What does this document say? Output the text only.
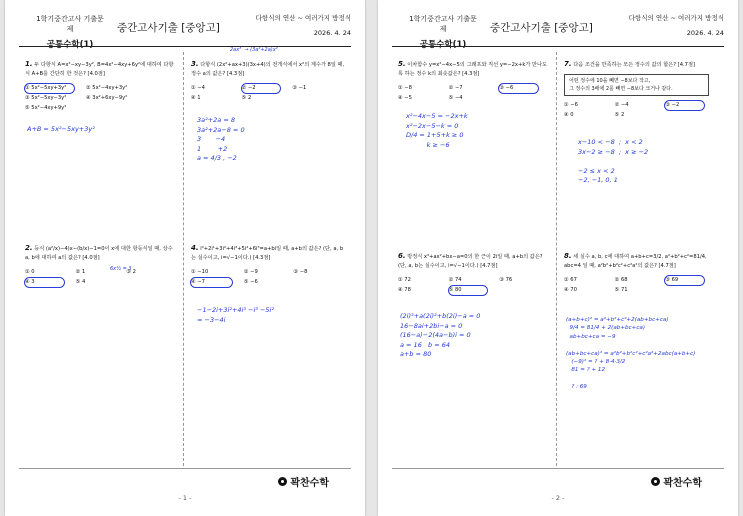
1학기중간고사 기출문제
공통수학(1)
중간고사기출 [중앙고]
다항식의 연산 ~ 여러가지 방정식
2026. 4. 24
1. 두 다항식 A=x²−xy−3y², B=4x²−4xy+6y²에 대하여 다항식 A+B를 간단히 한 것은? [4.0점]
① 5x²−5xy+3y²	② 5x²−4xy+3y²
③ 5x²−5xy−3y²	④ 3x²+6xy−9y²
⑤ 5x²−4xy+9y²
A+B = 5x²−5xy+3y²
2ax³  → (3a²+2a)x²
3. 다항식 (2x²+ax+3)(3x+4)의 전개식에서 x²의 계수가 8일 때, 정수 a의 값은? [4.3점]
① −4	② −2	③ −1
④ 1	⑤ 2
3a²+2a = 8
3a²+2a−8 = 0
3       −4
1        +2
a = 4/3 , −2
2. 등식 (a²/x)−4)x−(b/x)−1=0이 x에 대한 항등식일 때, 상수 a, b에 대하여 a의 값은? [4.0점]
① 0	② 1	③ 2
④ 3	⑤ 4
6x½ = 3
4. i⁰+2i¹+3i²+4i³+5i⁴+6i⁵=a+bi일 때, a+b의 값은? (단, a, b는 실수이고, i=√−1이다.) [4.3점]
① −10	② −9	③ −8
④ −7	⑤ −6
−1−2i+3i²+4i³ −i³ −5i²
= −3−4i
꽉찬수학
- 1 -
1학기중간고사 기출문제
공통수학(1)
중간고사기출 [중앙고]
다항식의 연산 ~ 여러가지 방정식
2026. 4. 24
5. 이차함수 y=x²−4x−5의 그래프와 직선 y=−2x+k가 만나도록 하는 정수 k의 최솟값은? [4.3점]
① −8	② −7	③ −6
④ −5	⑤ −4
x²−4x−5 = −2x+k
x²−2x−5−k = 0
D/4 = 1+5+k ≥ 0
k ≥ −6
7. 다음 조건을 만족하는 모든 정수의 값의 합은? [4.7점]
어떤 정수에 10을 빼면 −8보다 작고,
그 정수의 3배에 2를 빼면 −8보다 크거나 같다.
① −6	② −4	③ −2
④ 0	⑤ 2
x−10 < −8  ;  x < 2
3x−2 ≥ −8  ;  x ≥ −2

−2 ≤ x < 2
−2, −1, 0, 1
6. 방정식 x³+ax²+bx−a=0의 한 근이 2i일 때, a+b의 값은? (단, a, b는 실수이고, i=√−1이다.) [4.7점]
① 72	② 74	③ 76
④ 78	⑤ 80
(2i)³+a(2i)²+b(2i)−a = 0
16−8ai+2bi−a = 0
(16−a)−2(4a−b)i = 0
a = 16   b = 64
a+b = 80
8. 세 실수 a, b, c에 대하여 a+b+c=3/2, a²+b²+c²=81/4, abc=4 일 때, a²b²+b²c²+c²a²의 값은? [4.7점]
① 67	② 68	③ 69
④ 70	⑤ 71
(a+b+c)² = a²+b²+c²+2(ab+bc+ca)
9/4 = 81/4 + 2(ab+bc+ca)
ab+bc+ca = −9

(ab+bc+ca)² = a²b²+b²c²+c²a²+2abc(a+b+c)
(−9)² = ? + 8·4·3/2
81 = ? + 12

? : 69
꽉찬수학
- 2 -
